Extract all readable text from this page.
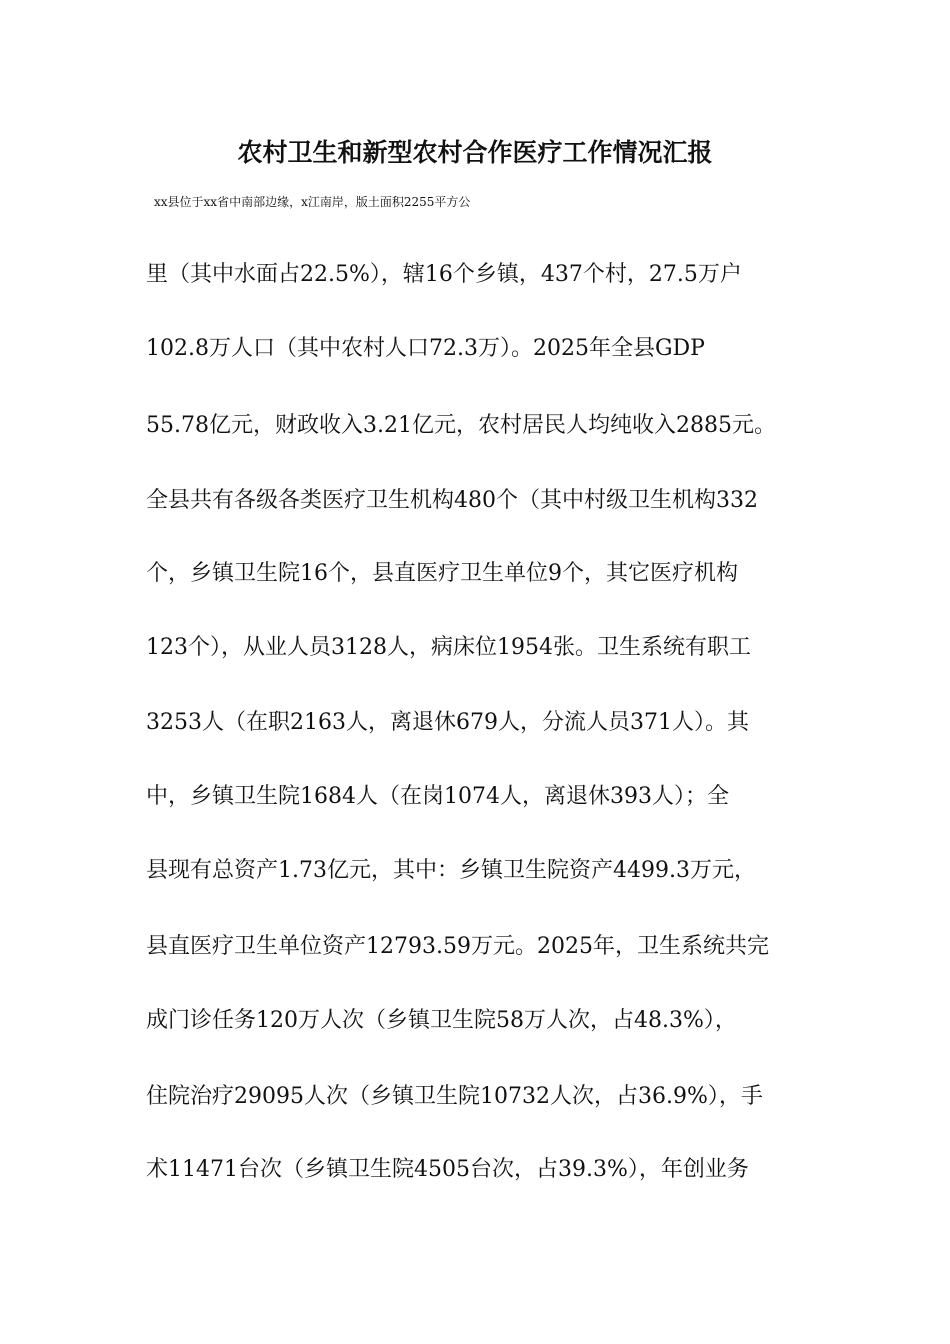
农村卫生和新型农村合作医疗工作情况汇报

xx县位于xx省中南部边缘，x江南岸，版土面积2255平方公

里（其中水面占22.5%），辖16个乡镇，437个村，27.5万户

102.8万人口（其中农村人口72.3万）。2025年全县GDP

55.78亿元，财政收入3.21亿元，农村居民人均纯收入2885元。

全县共有各级各类医疗卫生机构480个（其中村级卫生机构332

个，乡镇卫生院16个，县直医疗卫生单位9个，其它医疗机构

123个），从业人员3128人，病床位1954张。卫生系统有职工

3253人（在职2163人，离退休679人，分流人员371人）。其

中，乡镇卫生院1684人（在岗1074人，离退休393人）；全

县现有总资产1.73亿元，其中：乡镇卫生院资产4499.3万元，

县直医疗卫生单位资产12793.59万元。2025年，卫生系统共完

成门诊任务120万人次（乡镇卫生院58万人次，占48.3%），

住院治疗29095人次（乡镇卫生院10732人次，占36.9%），手

术11471台次（乡镇卫生院4505台次，占39.3%），年创业务
